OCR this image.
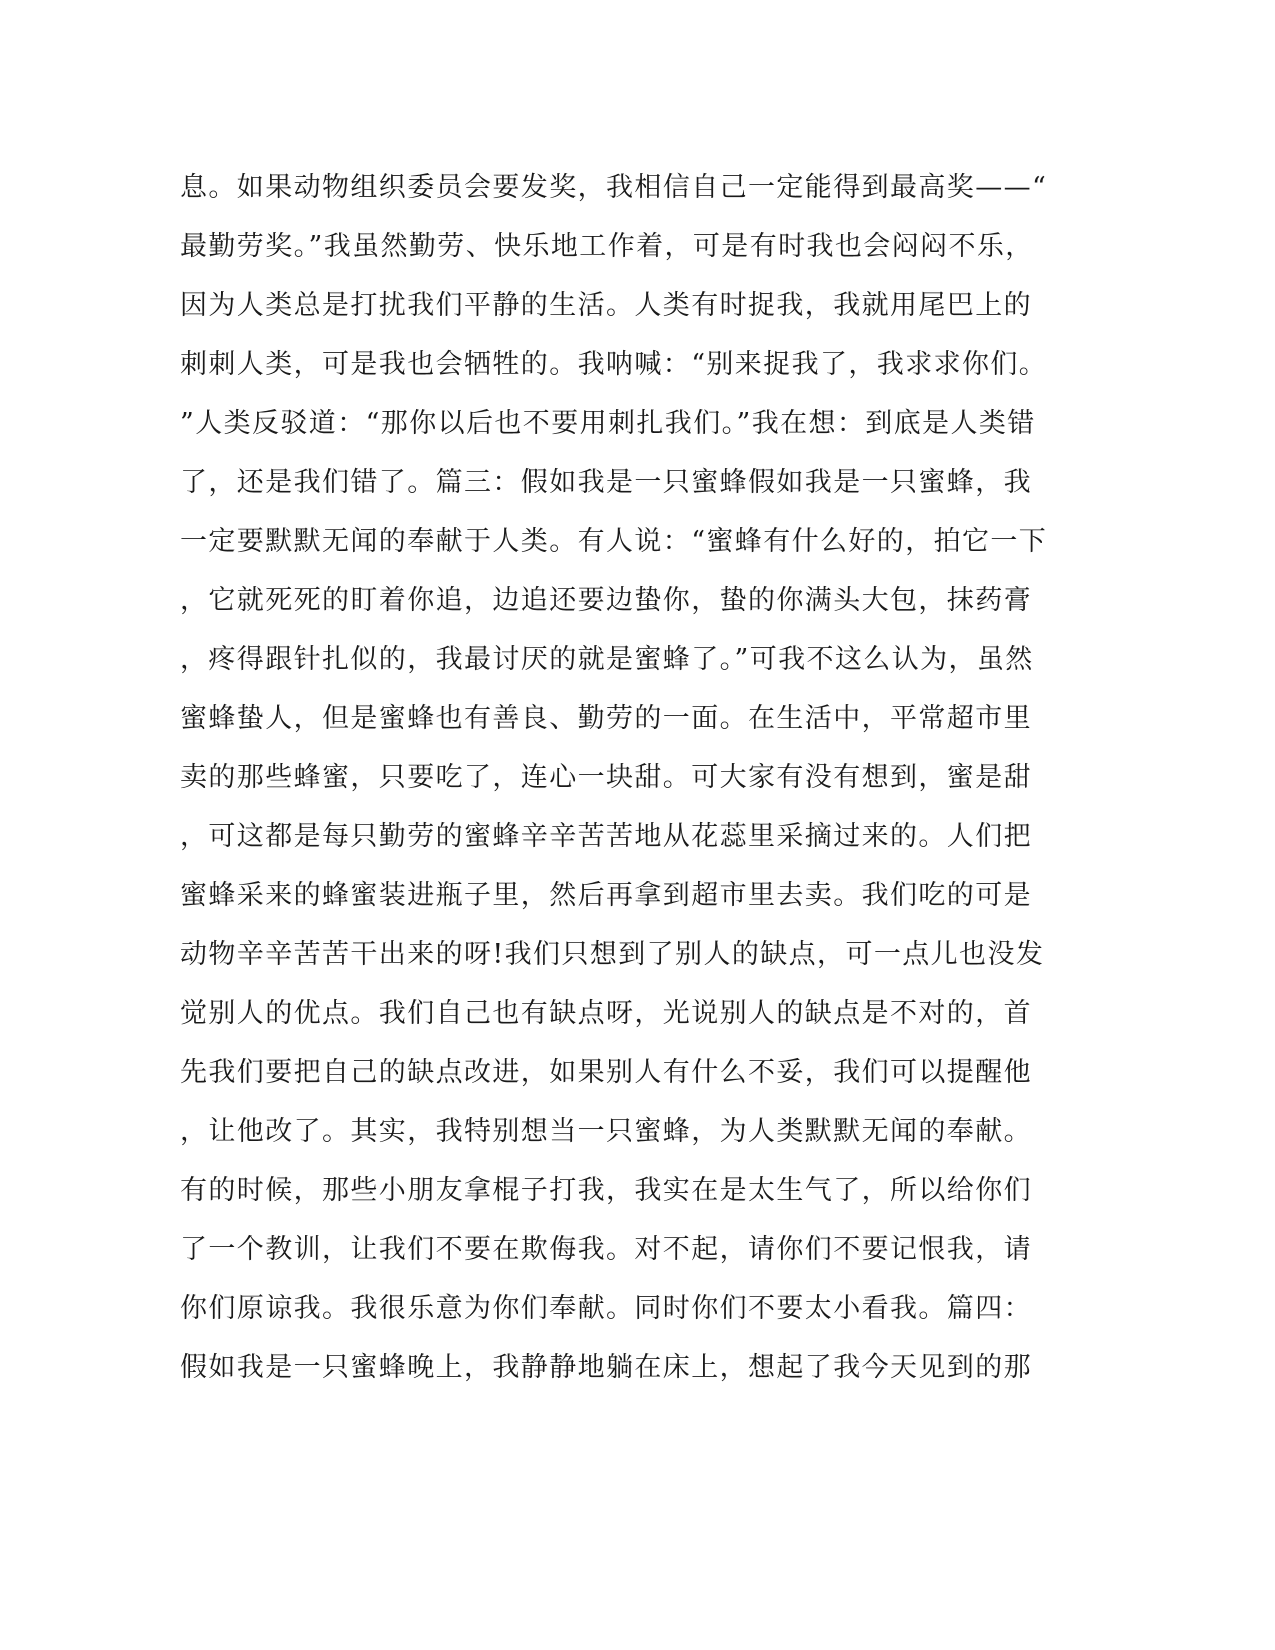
息。如果动物组织委员会要发奖，我相信自己一定能得到最高奖——“
最勤劳奖。”我虽然勤劳、快乐地工作着，可是有时我也会闷闷不乐，
因为人类总是打扰我们平静的生活。人类有时捉我，我就用尾巴上的
刺刺人类，可是我也会牺牲的。我呐喊：“别来捉我了，我求求你们。
”人类反驳道：“那你以后也不要用刺扎我们。”我在想：到底是人类错
了，还是我们错了。篇三：假如我是一只蜜蜂假如我是一只蜜蜂，我
一定要默默无闻的奉献于人类。有人说：“蜜蜂有什么好的，拍它一下
，它就死死的盯着你追，边追还要边蛰你，蛰的你满头大包，抹药膏
，疼得跟针扎似的，我最讨厌的就是蜜蜂了。”可我不这么认为，虽然
蜜蜂蛰人，但是蜜蜂也有善良、勤劳的一面。在生活中，平常超市里
卖的那些蜂蜜，只要吃了，连心一块甜。可大家有没有想到，蜜是甜
，可这都是每只勤劳的蜜蜂辛辛苦苦地从花蕊里采摘过来的。人们把
蜜蜂采来的蜂蜜装进瓶子里，然后再拿到超市里去卖。我们吃的可是
动物辛辛苦苦干出来的呀!我们只想到了别人的缺点，可一点儿也没发
觉别人的优点。我们自己也有缺点呀，光说别人的缺点是不对的，首
先我们要把自己的缺点改进，如果别人有什么不妥，我们可以提醒他
，让他改了。其实，我特别想当一只蜜蜂，为人类默默无闻的奉献。
有的时候，那些小朋友拿棍子打我，我实在是太生气了，所以给你们
了一个教训，让我们不要在欺侮我。对不起，请你们不要记恨我，请
你们原谅我。我很乐意为你们奉献。同时你们不要太小看我。篇四：
假如我是一只蜜蜂晚上，我静静地躺在床上，想起了我今天见到的那
